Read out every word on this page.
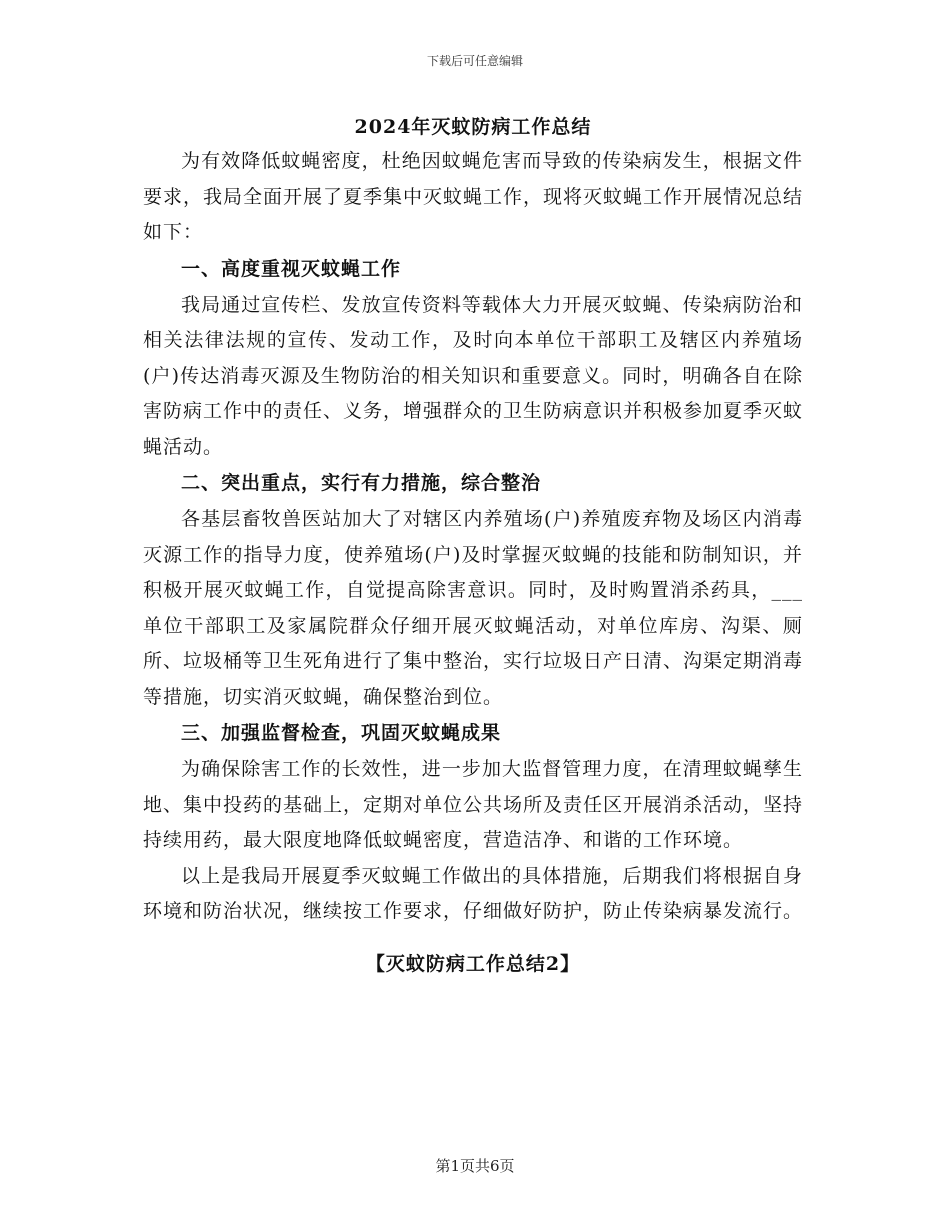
下载后可任意编辑
2024年灭蚊防病工作总结

为有效降低蚊蝇密度，杜绝因蚊蝇危害而导致的传染病发生，根据文件要求，我局全面开展了夏季集中灭蚊蝇工作，现将灭蚊蝇工作开展情况总结如下：

一、高度重视灭蚊蝇工作

我局通过宣传栏、发放宣传资料等载体大力开展灭蚊蝇、传染病防治和相关法律法规的宣传、发动工作，及时向本单位干部职工及辖区内养殖场(户)传达消毒灭源及生物防治的相关知识和重要意义。同时，明确各自在除害防病工作中的责任、义务，增强群众的卫生防病意识并积极参加夏季灭蚊蝇活动。

二、突出重点，实行有力措施，综合整治

各基层畜牧兽医站加大了对辖区内养殖场(户)养殖废弃物及场区内消毒灭源工作的指导力度，使养殖场(户)及时掌握灭蚊蝇的技能和防制知识，并积极开展灭蚊蝇工作，自觉提高除害意识。同时，及时购置消杀药具，___单位干部职工及家属院群众仔细开展灭蚊蝇活动，对单位库房、沟渠、厕所、垃圾桶等卫生死角进行了集中整治，实行垃圾日产日清、沟渠定期消毒等措施，切实消灭蚊蝇，确保整治到位。

三、加强监督检查，巩固灭蚊蝇成果

为确保除害工作的长效性，进一步加大监督管理力度，在清理蚊蝇孳生地、集中投药的基础上，定期对单位公共场所及责任区开展消杀活动，坚持持续用药，最大限度地降低蚊蝇密度，营造洁净、和谐的工作环境。

以上是我局开展夏季灭蚊蝇工作做出的具体措施，后期我们将根据自身环境和防治状况，继续按工作要求，仔细做好防护，防止传染病暴发流行。

【灭蚊防病工作总结2】
第1页共6页
